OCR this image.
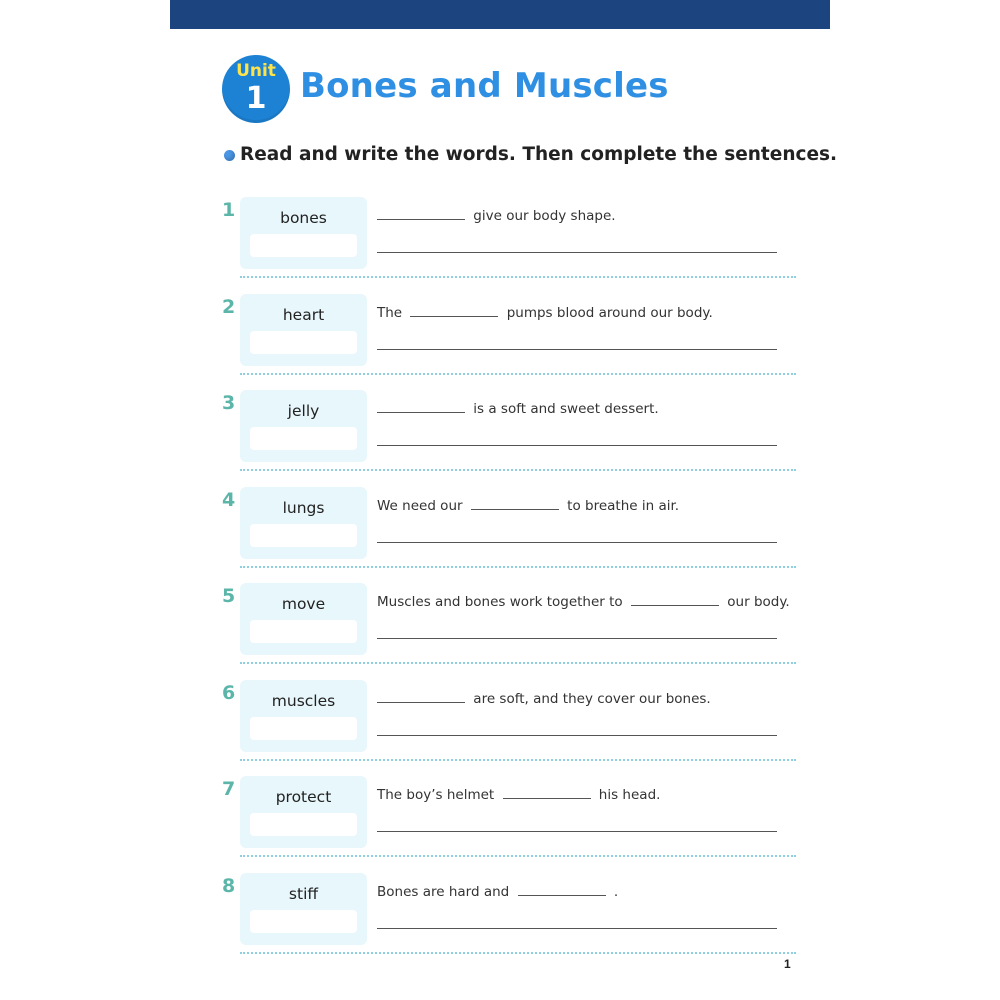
Unit
1 Bones and Muscles
Read and write the words. Then complete the sentences.
1	bones	give our body shape.
2	heart	The	pumps blood around our body.
3	jelly	is a soft and sweet dessert.
4	lungs	We need our	to breathe in air.
5	move	Muscles and bones work together to	our body.
6	muscles	are soft, and they cover our bones.
7	protect	The boy’s helmet	his head.
8	stiff	Bones are hard and	.
1
